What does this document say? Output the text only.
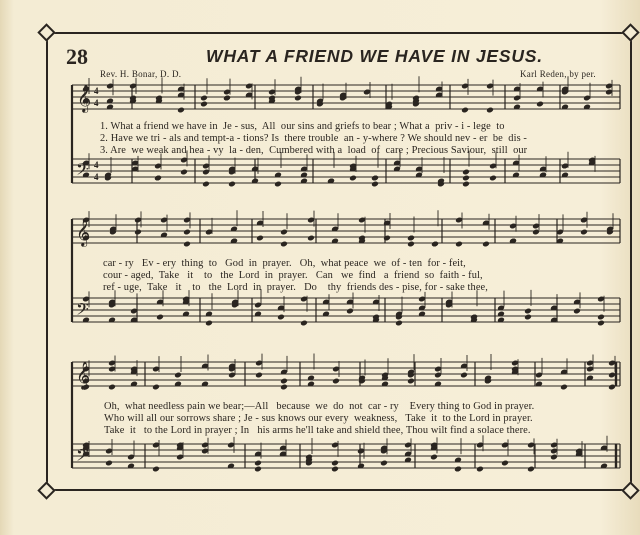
28	WHAT A FRIEND WE HAVE IN JESUS.
Rev. H. Bonar, D. D.	Karl Reden, by per.
𝄞
𝄢
4
4
4
4
𝄞
𝄢
𝄞
𝄢
1. What a friend we have in  Je - sus,  All  our sins and griefs to bear ; What a  priv - i - lege  to
2. Have we tri - als and tempt-a - tions? Is  there trouble  an - y-where ? We should nev - er  be  dis -
3. Are  we weak and hea - vy  la - den,  Cumbered with a  load  of  care ; Precious Saviour,  still  our
car - ry   Ev - ery  thing  to   God  in  prayer.   Oh,  what peace  we  of - ten  for - feit,
cour - aged,  Take   it    to   the  Lord  in  prayer.   Can   we  find   a  friend  so  faith - ful,
ref - uge,  Take   it    to   the  Lord  in  prayer.   Do    thy  friends des - pise, for - sake thee,
Oh,  what needless pain we bear;—All   because  we  do  not  car - ry    Every thing to God in prayer.
Who will all our sorrows share ; Je - sus knows our every  weakness,   Take  it  to the Lord in prayer.
Take  it   to the Lord in prayer ; In   his arms he'll take and shield thee, Thou wilt find a solace there.
